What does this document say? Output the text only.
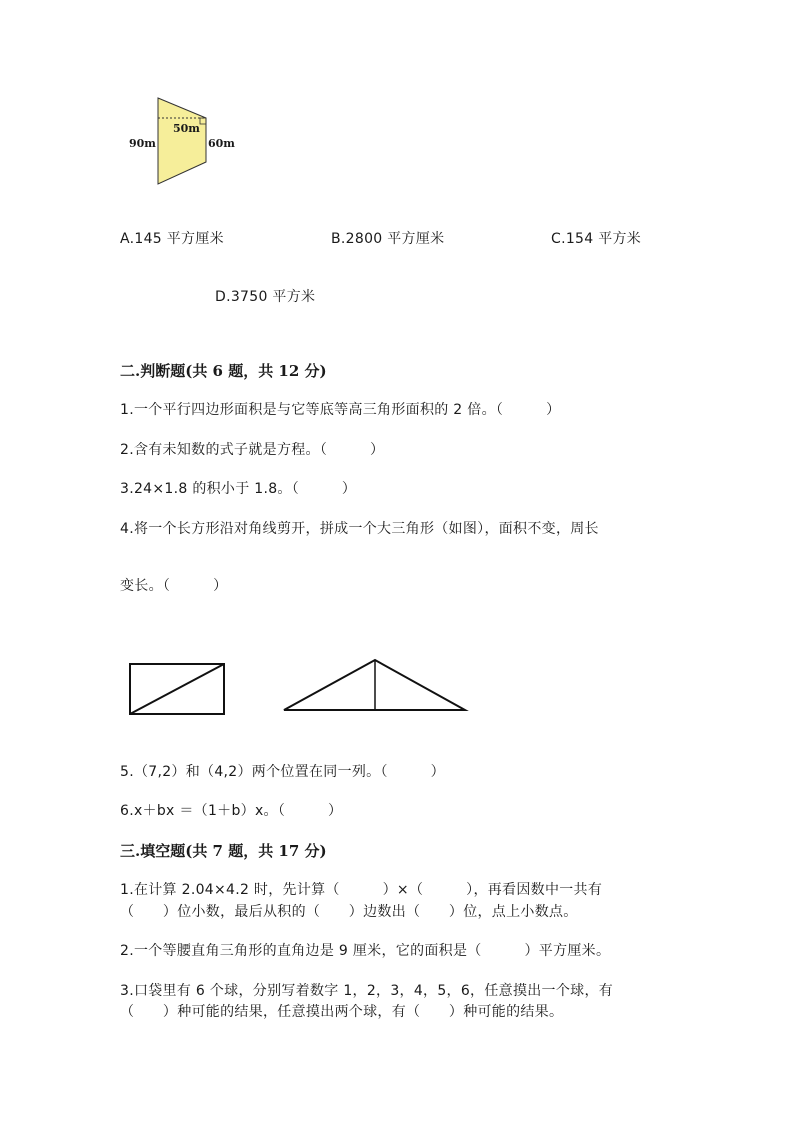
90m
50m
60m
A.145 平方厘米	B.2800 平方厘米	C.154 平方米
D.3750 平方米
二.判断题(共 6 题，共 12 分)
1.一个平行四边形面积是与它等底等高三角形面积的 2 倍。（　　　）
2.含有未知数的式子就是方程。（　　　）
3.24×1.8 的积小于 1.8。（　　　）
4.将一个长方形沿对角线剪开，拼成一个大三角形（如图），面积不变，周长
变长。（　　　）
5.（7,2）和（4,2）两个位置在同一列。（　　　）
6.x＋bx ＝（1＋b）x。（　　　）
三.填空题(共 7 题，共 17 分)
1.在计算 2.04×4.2 时，先计算（　　　）×（　　　），再看因数中一共有
（　　）位小数，最后从积的（　　）边数出（　　）位，点上小数点。
2.一个等腰直角三角形的直角边是 9 厘米，它的面积是（　　　）平方厘米。
3.口袋里有 6 个球，分别写着数字 1，2，3，4，5，6，任意摸出一个球，有
（　　）种可能的结果，任意摸出两个球，有（　　）种可能的结果。
